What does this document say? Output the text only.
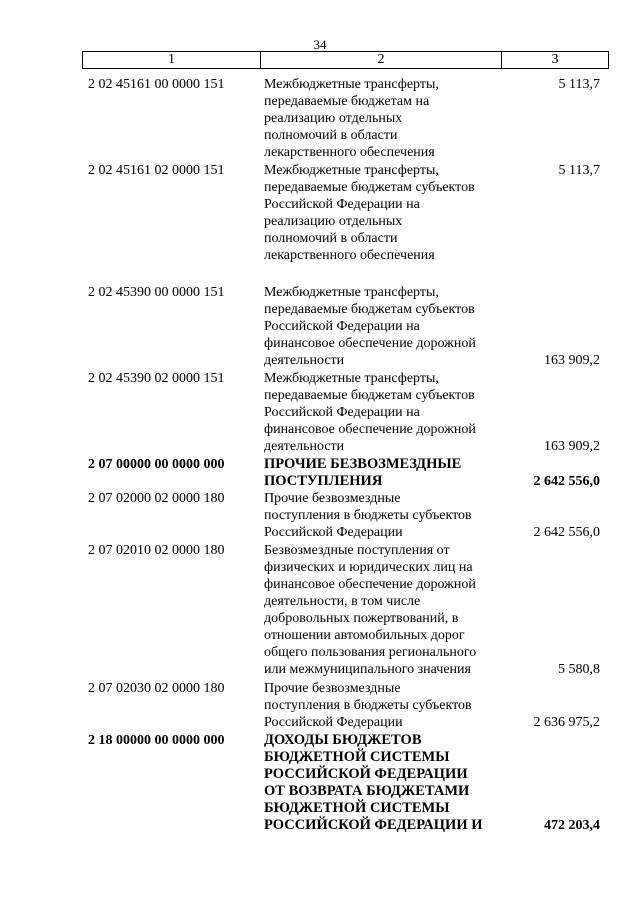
34
1	2	3
2 02 45161 00 0000 151	Межбюджетные трансферты,
передаваемые бюджетам на
реализацию отдельных
полномочий в области
лекарственного обеспечения
5 113,7
2 02 45161 02 0000 151	Межбюджетные трансферты,
передаваемые бюджетам субъектов
Российской Федерации на
реализацию отдельных
полномочий в области
лекарственного обеспечения
5 113,7
2 02 45390 00 0000 151	Межбюджетные трансферты,
передаваемые бюджетам субъектов
Российской Федерации на
финансовое обеспечение дорожной
деятельности	163 909,2
2 02 45390 02 0000 151	Межбюджетные трансферты,
передаваемые бюджетам субъектов
Российской Федерации на
финансовое обеспечение дорожной
деятельности	163 909,2
2 07 00000 00 0000 000	ПРОЧИЕ БЕЗВОЗМЕЗДНЫЕ
ПОСТУПЛЕНИЯ	2 642 556,0
2 07 02000 02 0000 180	Прочие безвозмездные
поступления в бюджеты субъектов
Российской Федерации	2 642 556,0
2 07 02010 02 0000 180	Безвозмездные поступления от
физических и юридических лиц на
финансовое обеспечение дорожной
деятельности, в том числе
добровольных пожертвований, в
отношении автомобильных дорог
общего пользования регионального
или межмуниципального значения	5 580,8
2 07 02030 02 0000 180	Прочие безвозмездные
поступления в бюджеты субъектов
Российской Федерации	2 636 975,2
2 18 00000 00 0000 000	ДОХОДЫ БЮДЖЕТОВ
БЮДЖЕТНОЙ СИСТЕМЫ
РОССИЙСКОЙ ФЕДЕРАЦИИ
ОТ ВОЗВРАТА БЮДЖЕТАМИ
БЮДЖЕТНОЙ СИСТЕМЫ
РОССИЙСКОЙ ФЕДЕРАЦИИ И	472 203,4
